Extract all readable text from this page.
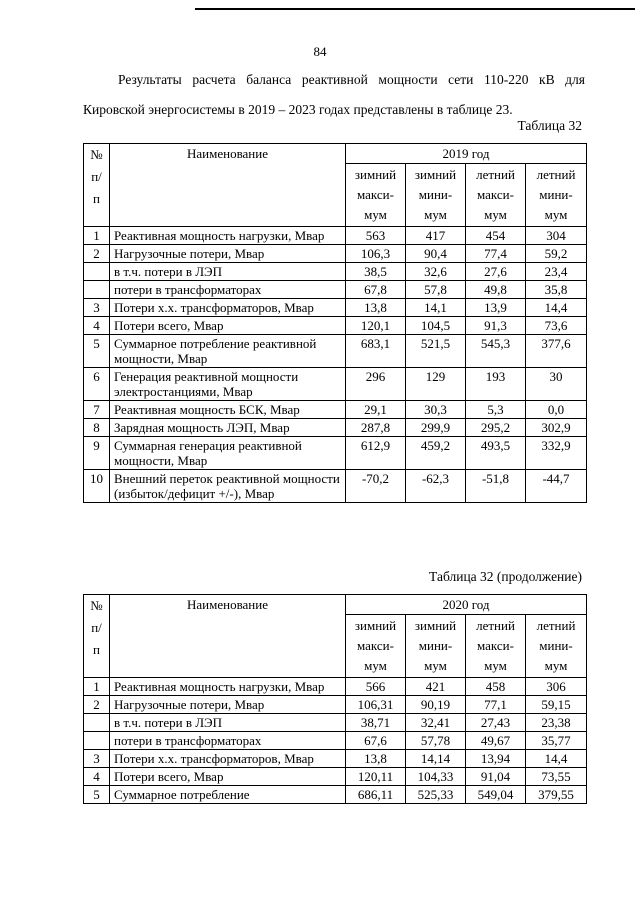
84

Результаты расчета баланса реактивной мощности сети 110-220 кВ для Кировской энергосистемы в 2019 – 2023 годах представлены в таблице 23.

Таблица 32
№ п/п	Наименование	2019 год			
		зимний макси-мум	зимний мини-мум	летний макси-мум	летний мини-мум
1	Реактивная мощность нагрузки, Мвар	563	417	454	304
2	Нагрузочные потери, Мвар	106,3	90,4	77,4	59,2
	в т.ч. потери в ЛЭП	38,5	32,6	27,6	23,4
	потери в трансформаторах	67,8	57,8	49,8	35,8
3	Потери х.х. трансформаторов, Мвар	13,8	14,1	13,9	14,4
4	Потери всего, Мвар	120,1	104,5	91,3	73,6
5	Суммарное потребление реактивной мощности, Мвар	683,1	521,5	545,3	377,6
6	Генерация реактивной мощности электростанциями, Мвар	296	129	193	30
7	Реактивная мощность БСК, Мвар	29,1	30,3	5,3	0,0
8	Зарядная мощность ЛЭП, Мвар	287,8	299,9	295,2	302,9
9	Суммарная генерация реактивной мощности, Мвар	612,9	459,2	493,5	332,9
10	Внешний переток реактивной мощности (избыток/дефицит +/-), Мвар	-70,2	-62,3	-51,8	-44,7
Таблица 32 (продолжение)
№ п/п	Наименование	2020 год			
		зимний макси-мум	зимний мини-мум	летний макси-мум	летний мини-мум
1	Реактивная мощность нагрузки, Мвар	566	421	458	306
2	Нагрузочные потери, Мвар	106,31	90,19	77,1	59,15
	в т.ч. потери в ЛЭП	38,71	32,41	27,43	23,38
	потери в трансформаторах	67,6	57,78	49,67	35,77
3	Потери х.х. трансформаторов, Мвар	13,8	14,14	13,94	14,4
4	Потери всего, Мвар	120,11	104,33	91,04	73,55
5	Суммарное потребление	686,11	525,33	549,04	379,55
